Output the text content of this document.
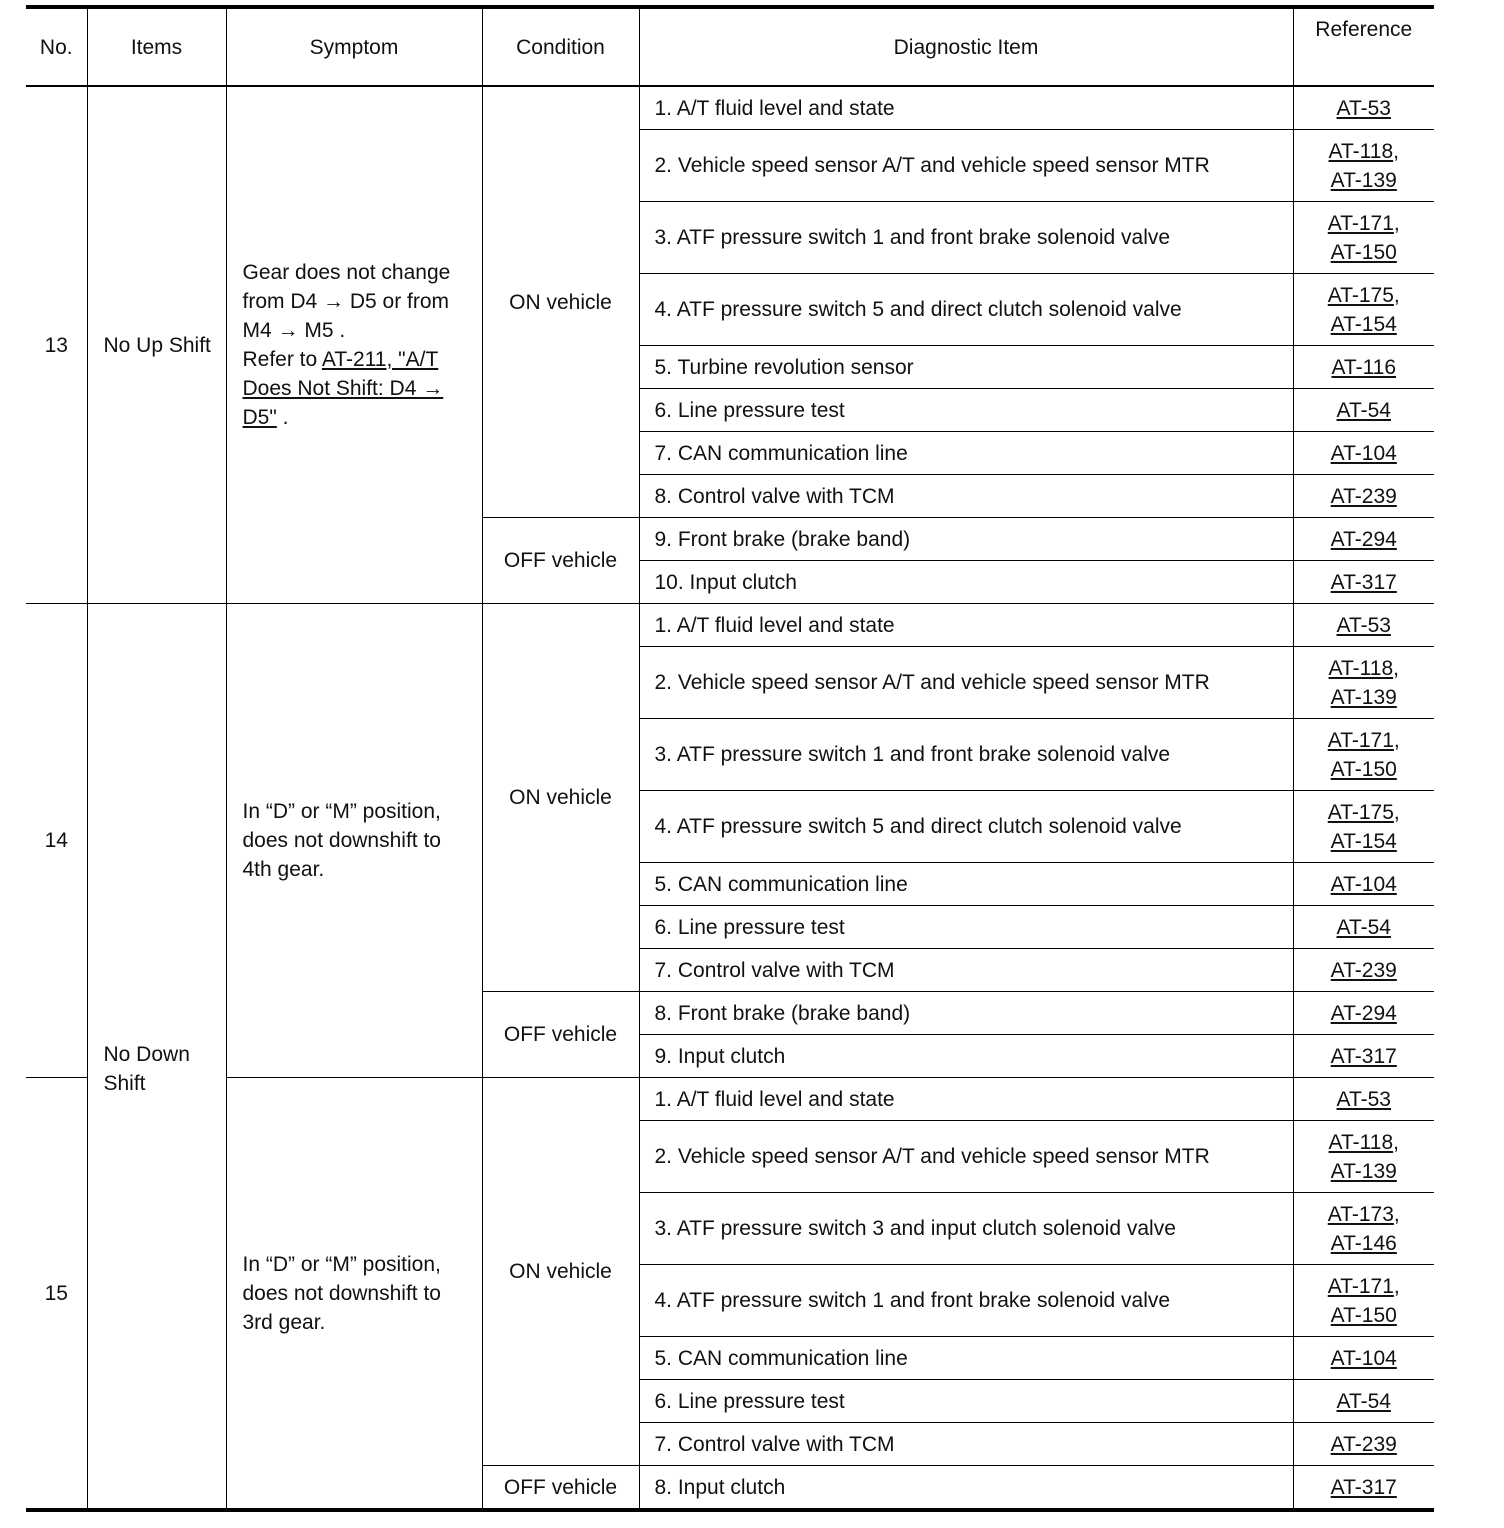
No.	Items	Symptom	Condition	Diagnostic Item	Reference
13	No Up Shift	Gear does not change from D4 → D5 or from M4 → M5 .
Refer to AT-211, "A/T Does Not Shift: D4 → D5" .	ON vehicle	1. A/T fluid level and state	AT-53
				2. Vehicle speed sensor A/T and vehicle speed sensor MTR	AT-118,
AT-139
				3. ATF pressure switch 1 and front brake solenoid valve	AT-171,
AT-150
				4. ATF pressure switch 5 and direct clutch solenoid valve	AT-175,
AT-154
				5. Turbine revolution sensor	AT-116
				6. Line pressure test	AT-54
				7. CAN communication line	AT-104
				8. Control valve with TCM	AT-239
			OFF vehicle	9. Front brake (brake band)	AT-294
				10. Input clutch	AT-317
14	No Down Shift	In “D” or “M” position, does not downshift to 4th gear.	ON vehicle	1. A/T fluid level and state	AT-53
				2. Vehicle speed sensor A/T and vehicle speed sensor MTR	AT-118,
AT-139
				3. ATF pressure switch 1 and front brake solenoid valve	AT-171,
AT-150
				4. ATF pressure switch 5 and direct clutch solenoid valve	AT-175,
AT-154
				5. CAN communication line	AT-104
				6. Line pressure test	AT-54
				7. Control valve with TCM	AT-239
			OFF vehicle	8. Front brake (brake band)	AT-294
				9. Input clutch	AT-317
15		In “D” or “M” position, does not downshift to 3rd gear.	ON vehicle	1. A/T fluid level and state	AT-53
				2. Vehicle speed sensor A/T and vehicle speed sensor MTR	AT-118,
AT-139
				3. ATF pressure switch 3 and input clutch solenoid valve	AT-173,
AT-146
				4. ATF pressure switch 1 and front brake solenoid valve	AT-171,
AT-150
				5. CAN communication line	AT-104
				6. Line pressure test	AT-54
				7. Control valve with TCM	AT-239
			OFF vehicle	8. Input clutch	AT-317
